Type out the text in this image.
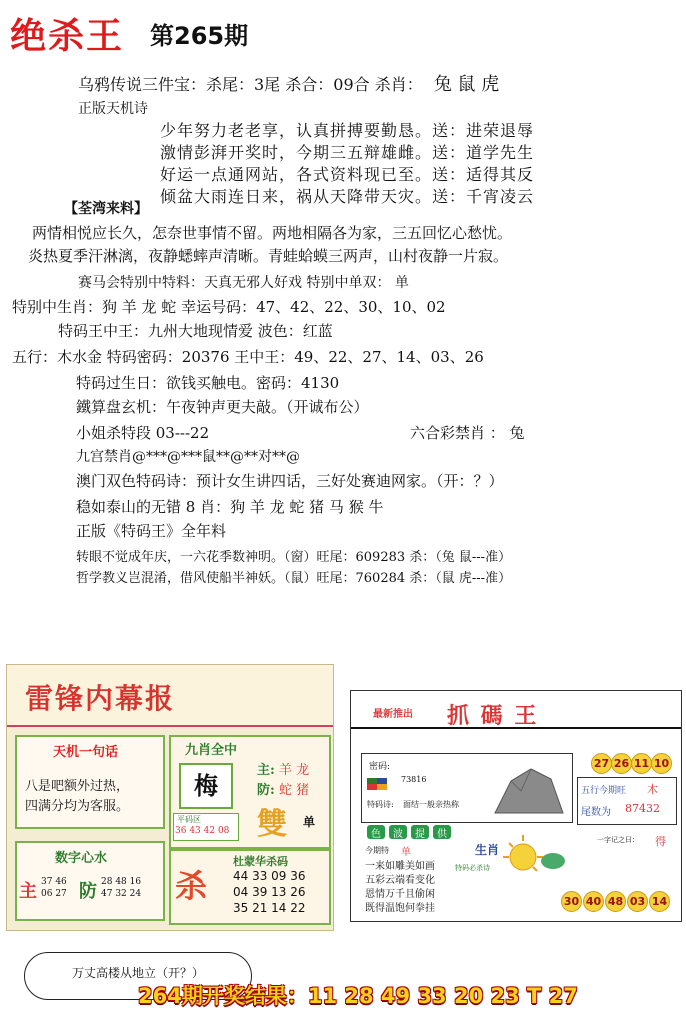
绝杀王 第265期
乌鸦传说三件宝：杀尾：3尾 杀合：09合 杀肖： 兔 鼠 虎
正版天机诗
少年努力老老享，认真拼搏要勤恳。送：进荣退辱
激情彭湃开奖时，今期三五辩雄雌。送：道学先生
好运一点通网站，各式资料现已至。送：适得其反
倾盆大雨连日来，祸从天降带天灾。送：千宵凌云
【荃湾来料】
两情相悦应长久，怎奈世事情不留。两地相隔各为家，三五回忆心愁忧。
炎热夏季汗淋漓，夜静蟋蟀声清晰。青蛙蛤蟆三两声，山村夜静一片寂。
赛马会特别中特料：天真无邪人好戏 特别中单双： 单
特别中生肖：狗 羊 龙 蛇 幸运号码：47、42、22、30、10、02
特码王中王：九州大地现情爱 波色：红蓝
五行：木水金 特码密码：20376 王中王：49、22、27、14、03、26
特码过生日：欲钱买触电。密码：4130
鐵算盘玄机：午夜钟声更夫敲。（开诚布公）
小姐杀特段 03---22	六合彩禁肖 ： 兔
九宫禁肖@***@***鼠**@**对**@
澳门双色特码诗：预计女生讲四话，三好处赛迪网家。（开：？）
稳如泰山的无错 8 肖：狗 羊 龙 蛇 猪 马 猴 牛
正版《特码王》全年料
转眼不觉成年庆，一六花季数神明。（窗）旺尾：609283 杀：（兔 鼠---准）
哲学教义岂混淆，借风使船半神妖。（鼠）旺尾：760284 杀：（鼠 虎---准）
雷锋内幕报
天机一句话
八是吧额外过热，
四满分均为客服。
九肖全中
梅
主: 羊 龙
防: 蛇 猪
平码区
36 43 42 08 雙 单
数字心水
主 37 46
06 27 防 28 48 16
47 32 24 杀
杜蒙华杀码
44 33 09 36
04 39 13 26
35 21 14 22
最新推出 抓 碼 王
密码:
73816
特码诗: 面结一般亲热称
27 26 11 10
五行今期旺 木
尾数为 87432
色	波	提	供
今期特 单
一来如雕美如画
五彩云端看变化
恩情万千且偷闲
既得温饱何拳挂
生肖
特码必杀诗
一字记之曰： 得
30 40 48 03 14
万丈高楼从地立（开？）
264期开奖结果：11 28 49 33 20 23 T 27
